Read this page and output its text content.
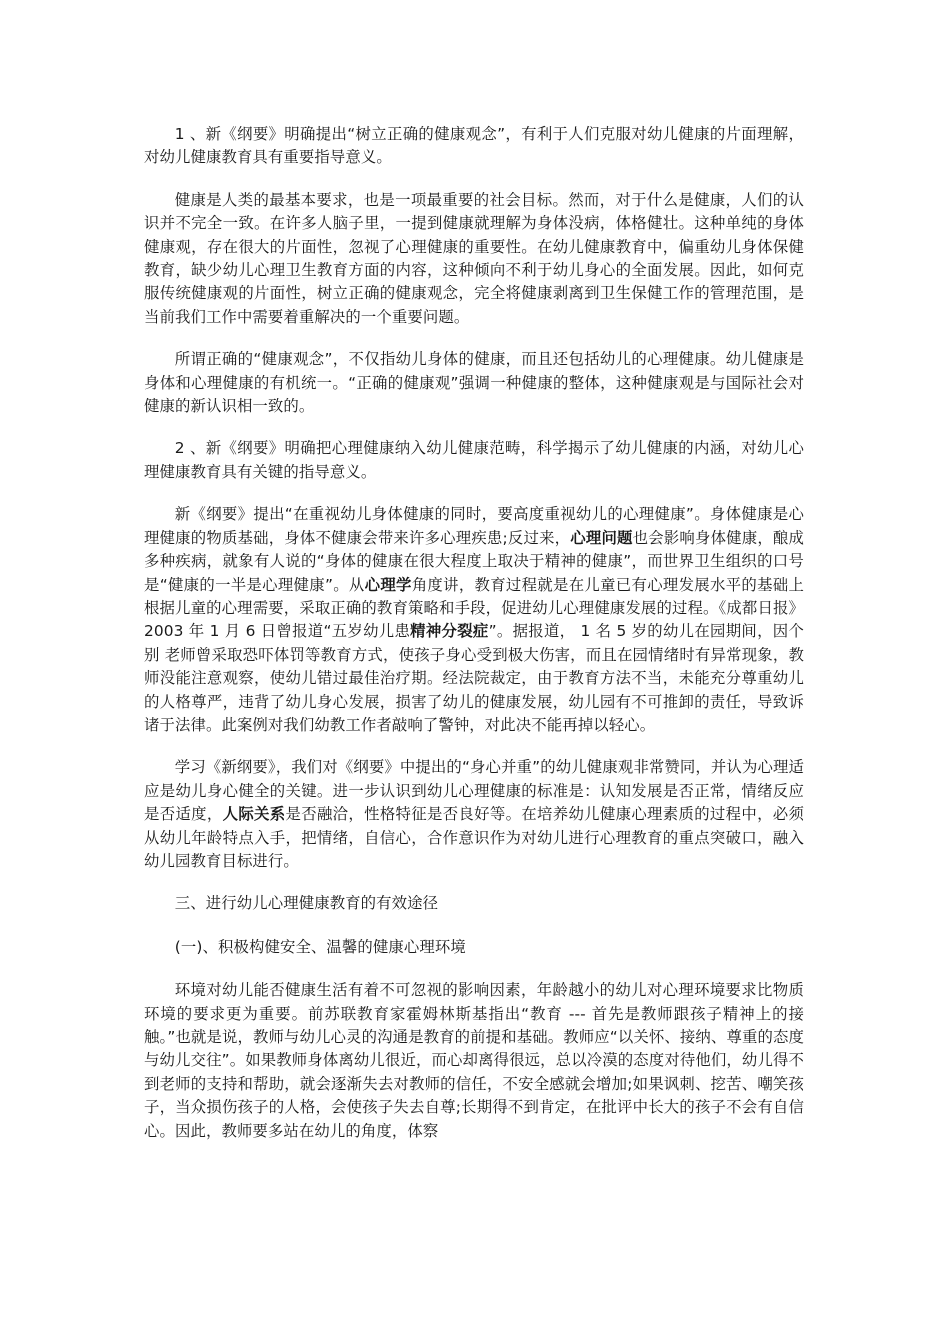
1 、新《纲要》明确提出“树立正确的健康观念”，有利于人们克服对幼儿健康的片面理解，对幼儿健康教育具有重要指导意义。

健康是人类的最基本要求，也是一项最重要的社会目标。然而，对于什么是健康，人们的认识并不完全一致。在许多人脑子里，一提到健康就理解为身体没病，体格健壮。这种单纯的身体健康观，存在很大的片面性，忽视了心理健康的重要性。在幼儿健康教育中，偏重幼儿身体保健教育，缺少幼儿心理卫生教育方面的内容，这种倾向不利于幼儿身心的全面发展。因此，如何克服传统健康观的片面性，树立正确的健康观念，完全将健康剥离到卫生保健工作的管理范围，是当前我们工作中需要着重解决的一个重要问题。

所谓正确的“健康观念”，不仅指幼儿身体的健康，而且还包括幼儿的心理健康。幼儿健康是身体和心理健康的有机统一。“正确的健康观”强调一种健康的整体，这种健康观是与国际社会对健康的新认识相一致的。

2 、新《纲要》明确把心理健康纳入幼儿健康范畴，科学揭示了幼儿健康的内涵，对幼儿心理健康教育具有关键的指导意义。

新《纲要》提出“在重视幼儿身体健康的同时，要高度重视幼儿的心理健康”。身体健康是心理健康的物质基础，身体不健康会带来许多心理疾患;反过来，心理问题也会影响身体健康，酿成多种疾病，就象有人说的“身体的健康在很大程度上取决于精神的健康”，而世界卫生组织的口号是“健康的一半是心理健康”。从心理学角度讲，教育过程就是在儿童已有心理发展水平的基础上根据儿童的心理需要，采取正确的教育策略和手段，促进幼儿心理健康发展的过程。《成都日报》 2003 年 1 月 6 日曾报道“五岁幼儿患精神分裂症”。据报道， 1 名 5 岁的幼儿在园期间，因个 别 老师曾采取恐吓体罚等教育方式，使孩子身心受到极大伤害，而且在园情绪时有异常现象，教师没能注意观察，使幼儿错过最佳治疗期。经法院裁定，由于教育方法不当，未能充分尊重幼儿的人格尊严，违背了幼儿身心发展，损害了幼儿的健康发展，幼儿园有不可推卸的责任，导致诉诸于法律。此案例对我们幼教工作者敲响了警钟，对此决不能再掉以轻心。

学习《新纲要》，我们对《纲要》中提出的“身心并重”的幼儿健康观非常赞同，并认为心理适应是幼儿身心健全的关键。进一步认识到幼儿心理健康的标准是：认知发展是否正常，情绪反应是否适度，人际关系是否融洽，性格特征是否良好等。在培养幼儿健康心理素质的过程中，必须从幼儿年龄特点入手，把情绪，自信心，合作意识作为对幼儿进行心理教育的重点突破口，融入幼儿园教育目标进行。

三、进行幼儿心理健康教育的有效途径

(一)、积极构健安全、温馨的健康心理环境

环境对幼儿能否健康生活有着不可忽视的影响因素，年龄越小的幼儿对心理环境要求比物质环境的要求更为重要。前苏联教育家霍姆林斯基指出“教育 --- 首先是教师跟孩子精神上的接触。”也就是说，教师与幼儿心灵的沟通是教育的前提和基础。教师应“以关怀、接纳、尊重的态度与幼儿交往”。如果教师身体离幼儿很近，而心却离得很远，总以冷漠的态度对待他们，幼儿得不到老师的支持和帮助，就会逐渐失去对教师的信任，不安全感就会增加;如果讽刺、挖苦、嘲笑孩子，当众损伤孩子的人格，会使孩子失去自尊;长期得不到肯定，在批评中长大的孩子不会有自信心。因此，教师要多站在幼儿的角度，体察
